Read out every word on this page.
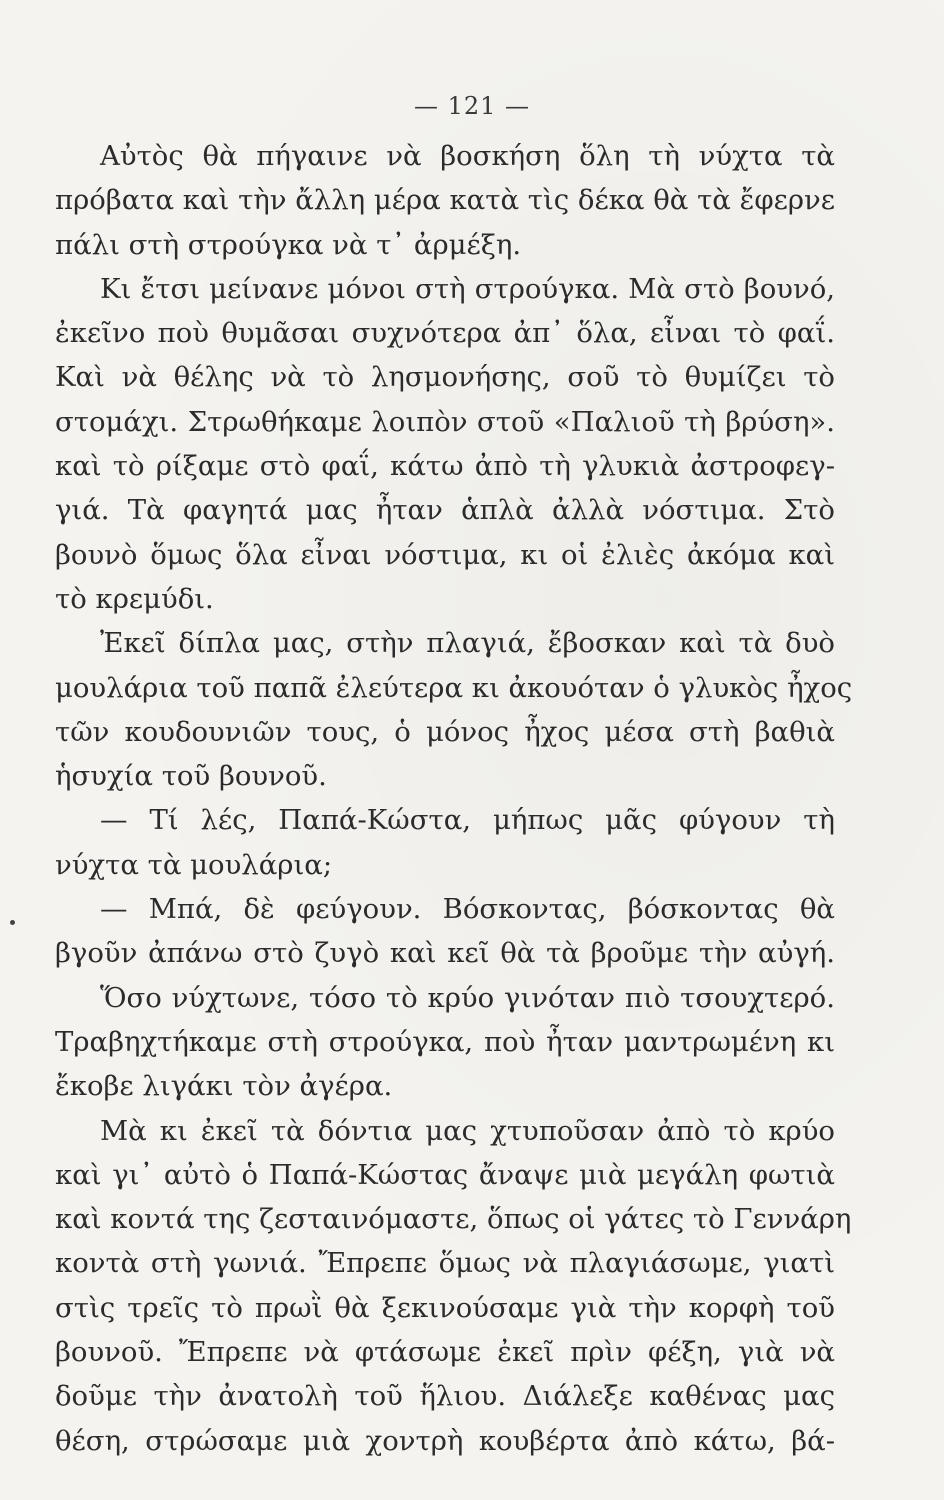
— 121 —
Αὐτὸς θὰ πήγαινε νὰ βοσκήση ὅλη τὴ νύχτα τὰ
πρόβατα καὶ τὴν ἄλλη μέρα κατὰ τὶς δέκα θὰ τὰ ἔφερνε
πάλι στὴ στρούγκα νὰ τ᾿ ἀρμέξη.
Κι ἔτσι μείνανε μόνοι στὴ στρούγκα. Μὰ στὸ βουνό,
ἐκεῖνο ποὺ θυμᾶσαι συχνότερα ἀπ᾿ ὅλα, εἶναι τὸ φαΐ.
Καὶ νὰ θέλης νὰ τὸ λησμονήσης, σοῦ τὸ θυμίζει τὸ
στομάχι. Στρωθήκαμε λοιπὸν στοῦ «Παλιοῦ τὴ βρύση».
καὶ τὸ ρίξαμε στὸ φαΐ, κάτω ἀπὸ τὴ γλυκιὰ ἀστροφεγ-
γιά. Τὰ φαγητά μας ἦταν ἁπλὰ ἀλλὰ νόστιμα. Στὸ
βουνὸ ὅμως ὅλα εἶναι νόστιμα, κι οἱ ἐλιὲς ἀκόμα καὶ
τὸ κρεμύδι.
Ἐκεῖ δίπλα μας, στὴν πλαγιά, ἔβοσκαν καὶ τὰ δυὸ
μουλάρια τοῦ παπᾶ ἐλεύτερα κι ἀκουόταν ὁ γλυκὸς ἦχος
τῶν κουδουνιῶν τους, ὁ μόνος ἦχος μέσα στὴ βαθιὰ
ἡσυχία τοῦ βουνοῦ.
— Τί λές, Παπά-Κώστα, μήπως μᾶς φύγουν τὴ
νύχτα τὰ μουλάρια;
— Μπά, δὲ φεύγουν. Βόσκοντας, βόσκοντας θὰ
βγοῦν ἀπάνω στὸ ζυγὸ καὶ κεῖ θὰ τὰ βροῦμε τὴν αὐγή.
Ὅσο νύχτωνε, τόσο τὸ κρύο γινόταν πιὸ τσουχτερό.
Τραβηχτήκαμε στὴ στρούγκα, ποὺ ἦταν μαντρωμένη κι
ἔκοβε λιγάκι τὸν ἀγέρα.
Μὰ κι ἐκεῖ τὰ δόντια μας χτυποῦσαν ἀπὸ τὸ κρύο
καὶ γι᾿ αὐτὸ ὁ Παπά-Κώστας ἄναψε μιὰ μεγάλη φωτιὰ
καὶ κοντά της ζεσταινόμαστε, ὅπως οἱ γάτες τὸ Γεννάρη
κοντὰ στὴ γωνιά. Ἔπρεπε ὅμως νὰ πλαγιάσωμε, γιατὶ
στὶς τρεῖς τὸ πρωῒ θὰ ξεκινούσαμε γιὰ τὴν κορφὴ τοῦ
βουνοῦ. Ἔπρεπε νὰ φτάσωμε ἐκεῖ πρὶν φέξη, γιὰ νὰ
δοῦμε τὴν ἀνατολὴ τοῦ ἥλιου. Διάλεξε καθένας μας
θέση, στρώσαμε μιὰ χοντρὴ κουβέρτα ἀπὸ κάτω, βά-
